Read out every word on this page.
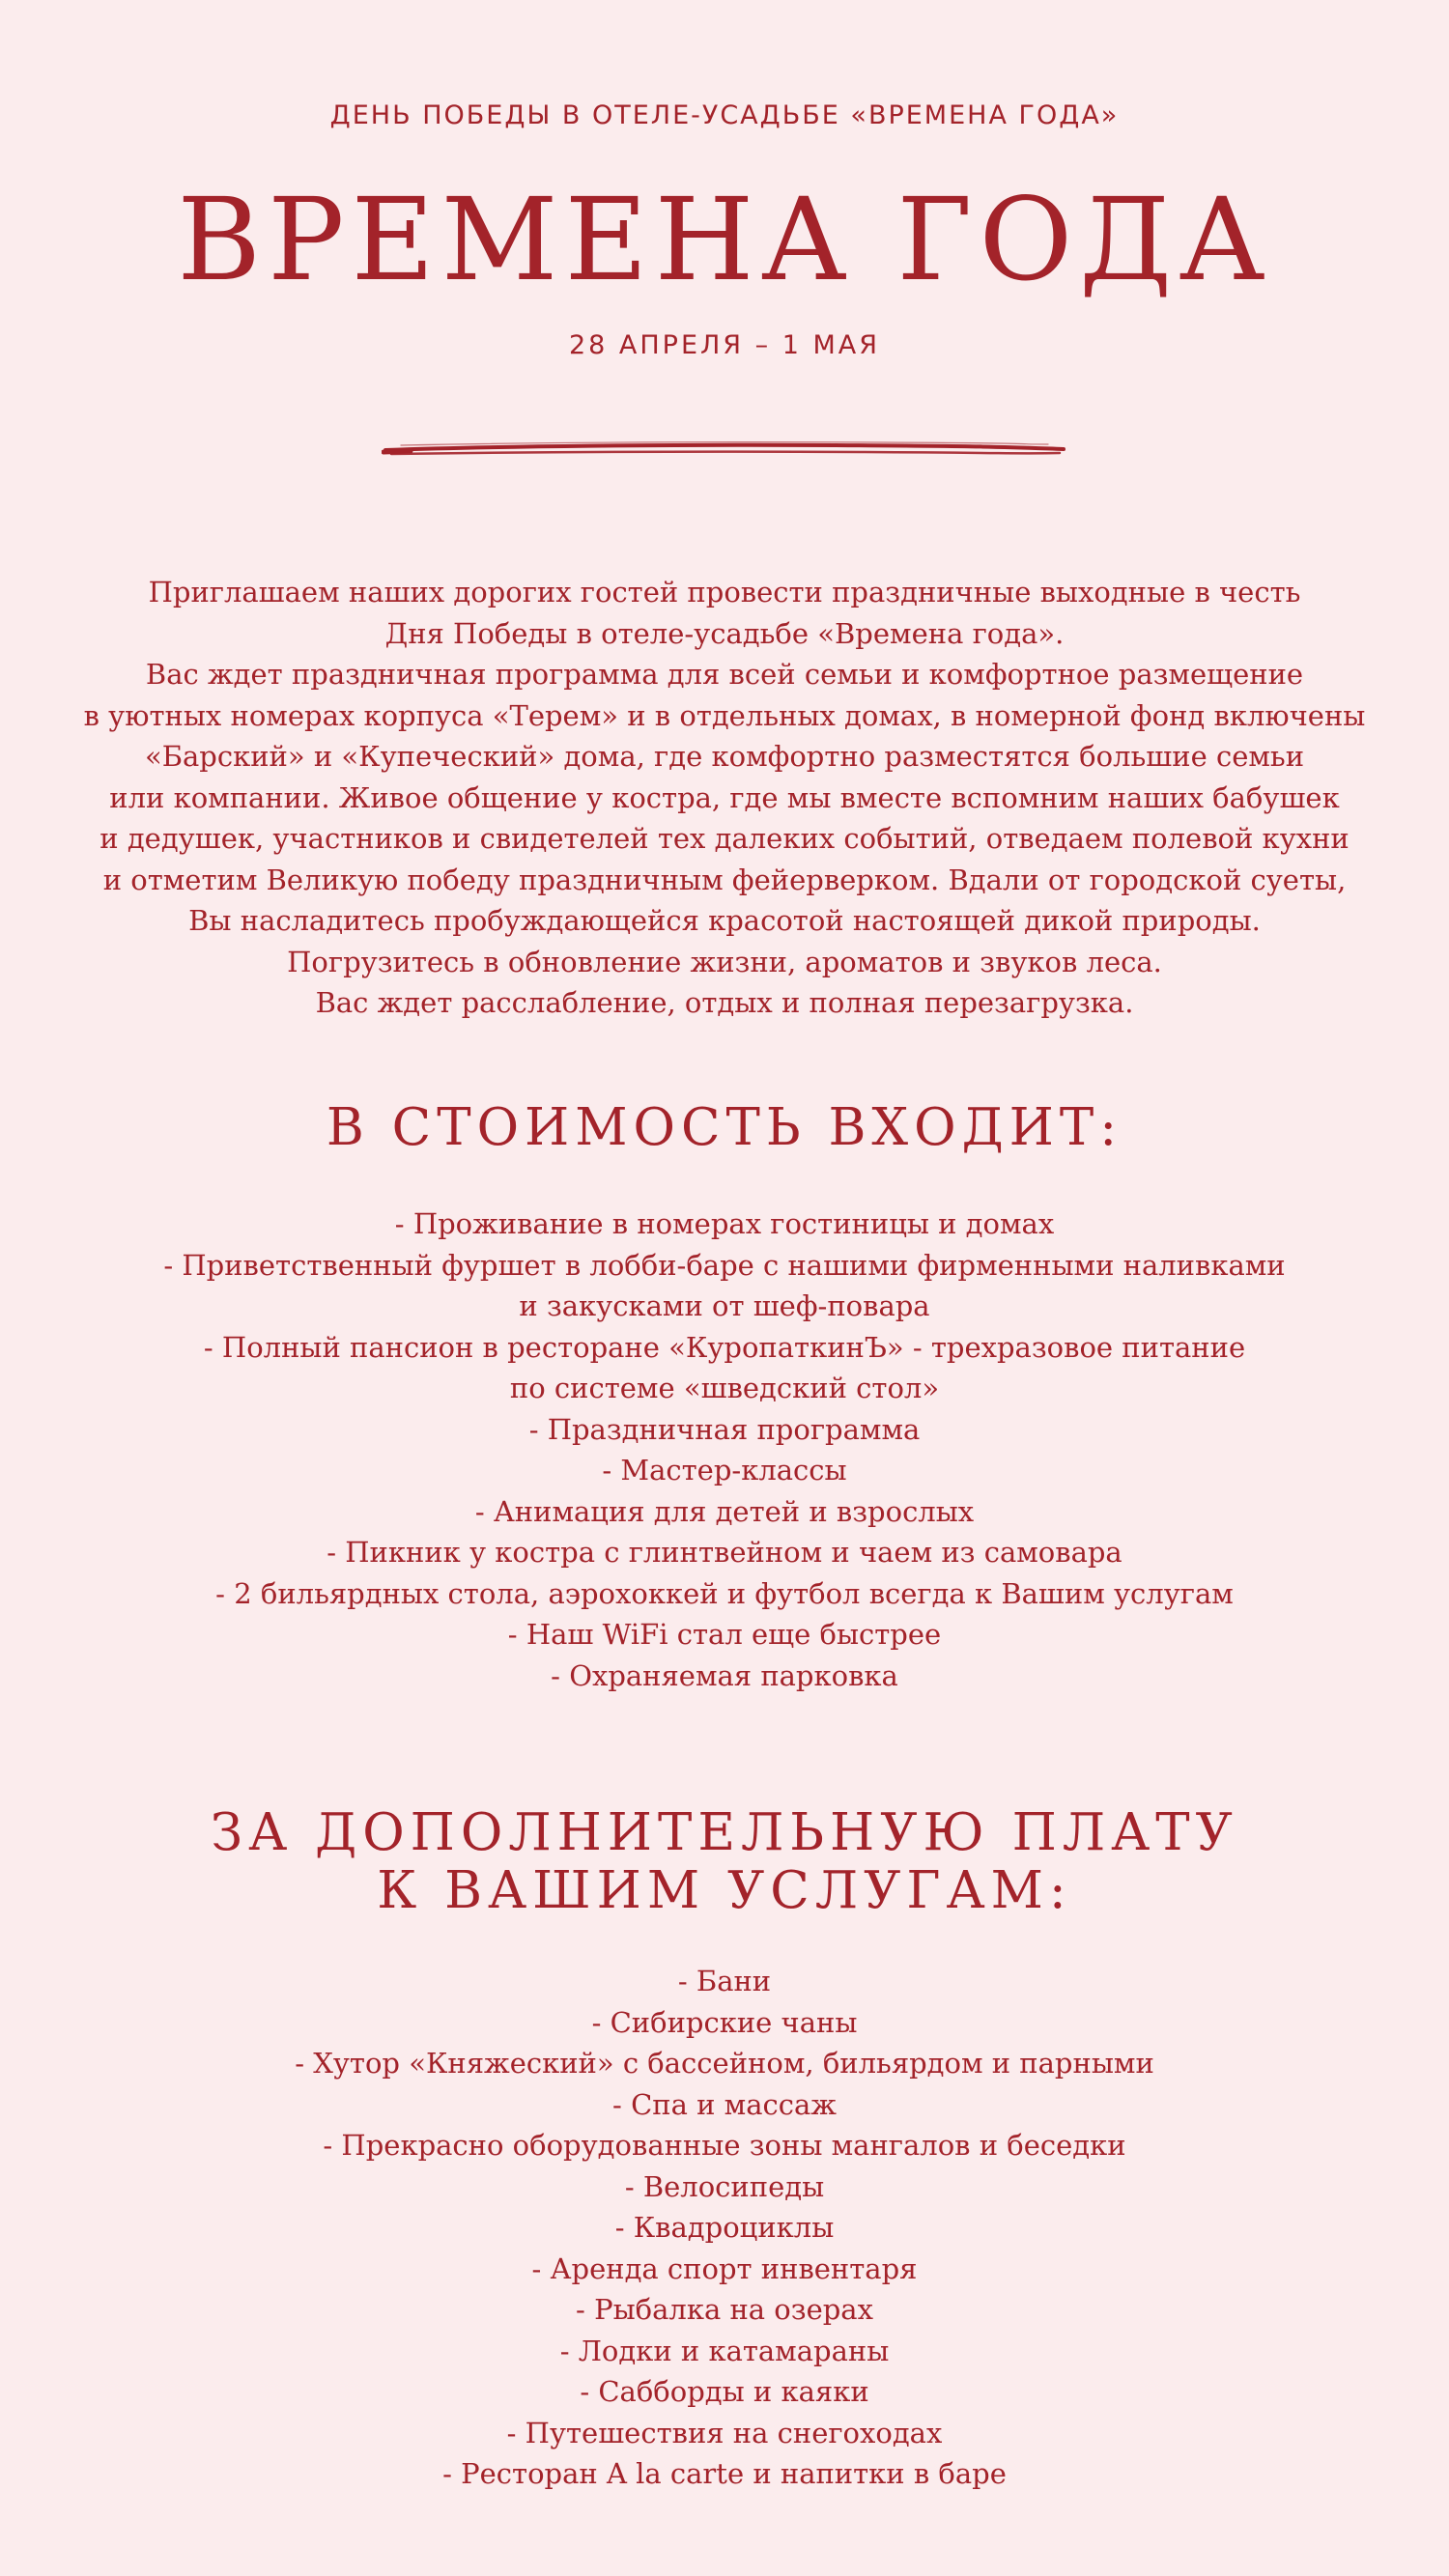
ДЕНЬ ПОБЕДЫ В ОТЕЛЕ-УСАДЬБЕ «ВРЕМЕНА ГОДА»
ВРЕМЕНА ГОДА
28 АПРЕЛЯ – 1 МАЯ
Приглашаем наших дорогих гостей провести праздничные выходные в честь
Дня Победы в отеле-усадьбе «Времена года».
Вас ждет праздничная программа для всей семьи и комфортное размещение
в уютных номерах корпуса «Терем» и в отдельных домах, в номерной фонд включены
«Барский» и «Купеческий» дома, где комфортно разместятся большие семьи
или компании. Живое общение у костра, где мы вместе вспомним наших бабушек
и дедушек, участников и свидетелей тех далеких событий, отведаем полевой кухни
и отметим Великую победу праздничным фейерверком. Вдали от городской суеты,
Вы насладитесь пробуждающейся красотой настоящей дикой природы.
Погрузитесь в обновление жизни, ароматов и звуков леса.
Вас ждет расслабление, отдых и полная перезагрузка.
В СТОИМОСТЬ ВХОДИТ:
- Проживание в номерах гостиницы и домах
- Приветственный фуршет в лобби-баре с нашими фирменными наливками
и закусками от шеф-повара
- Полный пансион в ресторане «КуропаткинЪ» - трехразовое питание
по системе «шведский стол»
- Праздничная программа
- Мастер-классы
- Анимация для детей и взрослых
- Пикник у костра с глинтвейном и чаем из самовара
- 2 бильярдных стола, аэрохоккей и футбол всегда к Вашим услугам
- Наш WiFi стал еще быстрее
- Охраняемая парковка
ЗА ДОПОЛНИТЕЛЬНУЮ ПЛАТУ
К ВАШИМ УСЛУГАМ:
- Бани
- Сибирские чаны
- Хутор «Княжеский» с бассейном, бильярдом и парными
- Спа и массаж
- Прекрасно оборудованные зоны мангалов и беседки
- Велосипеды
- Квадроциклы
- Аренда спорт инвентаря
- Рыбалка на озерах
- Лодки и катамараны
- Сабборды и каяки
- Путешествия на снегоходах
- Ресторан A la carte и напитки в баре
